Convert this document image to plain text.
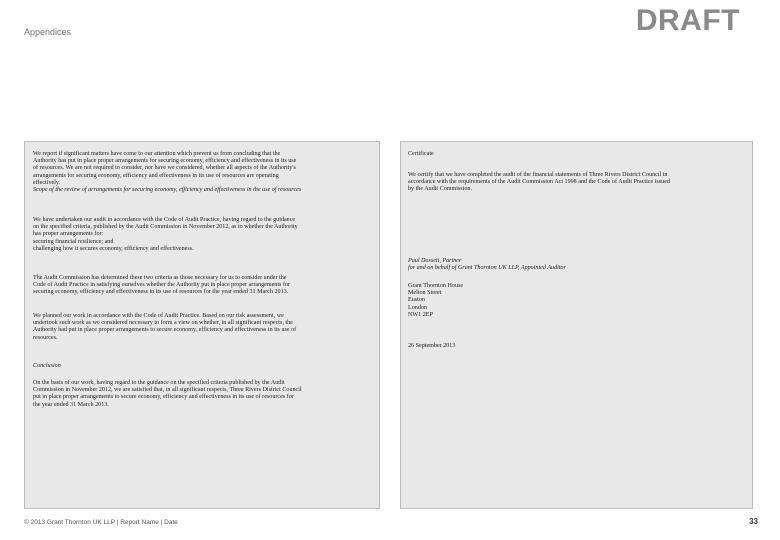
Appendices	DRAFT
We report if significant matters have come to our attention which prevent us from concluding that the
Authority has put in place proper arrangements for securing economy, efficiency and effectiveness in its use
of resources. We are not required to consider, nor have we considered, whether all aspects of the Authority's
arrangements for securing economy, efficiency and effectiveness in its use of resources are operating
effectively.
Scope of the review of arrangements for securing economy, efficiency and effectiveness in the use of resources
We have undertaken our audit in accordance with the Code of Audit Practice, having regard to the guidance
on the specified criteria, published by the Audit Commission in November 2012, as to whether the Authority
has proper arrangements for:
securing financial resilience; and
challenging how it secures economy, efficiency and effectiveness.
The Audit Commission has determined these two criteria as those necessary for us to consider under the
Code of Audit Practice in satisfying ourselves whether the Authority put in place proper arrangements for
securing economy, efficiency and effectiveness in its use of resources for the year ended 31 March 2013.
We planned our work in accordance with the Code of Audit Practice. Based on our risk assessment, we
undertook such work as we considered necessary to form a view on whether, in all significant respects, the
Authority had put in place proper arrangements to secure economy, efficiency and effectiveness in its use of
resources.
Conclusion
On the basis of our work, having regard to the guidance on the specified criteria published by the Audit
Commission in November 2012, we are satisfied that, in all significant respects, Three Rivers District Council
put in place proper arrangements to secure economy, efficiency and effectiveness in its use of resources for
the year ended 31 March 2013.
Certificate
We certify that we have completed the audit of the financial statements of Three Rivers District Council in
accordance with the requirements of the Audit Commission Act 1998 and the Code of Audit Practice issued
by the Audit Commission.
Paul Dossett, Partner
for and on behalf of Grant Thornton UK LLP, Appointed Auditor
Grant Thornton House
Melton Street
Euston
London
NW1 2EP
26 September 2013
© 2013 Grant Thornton UK LLP | Report Name | Date	33
